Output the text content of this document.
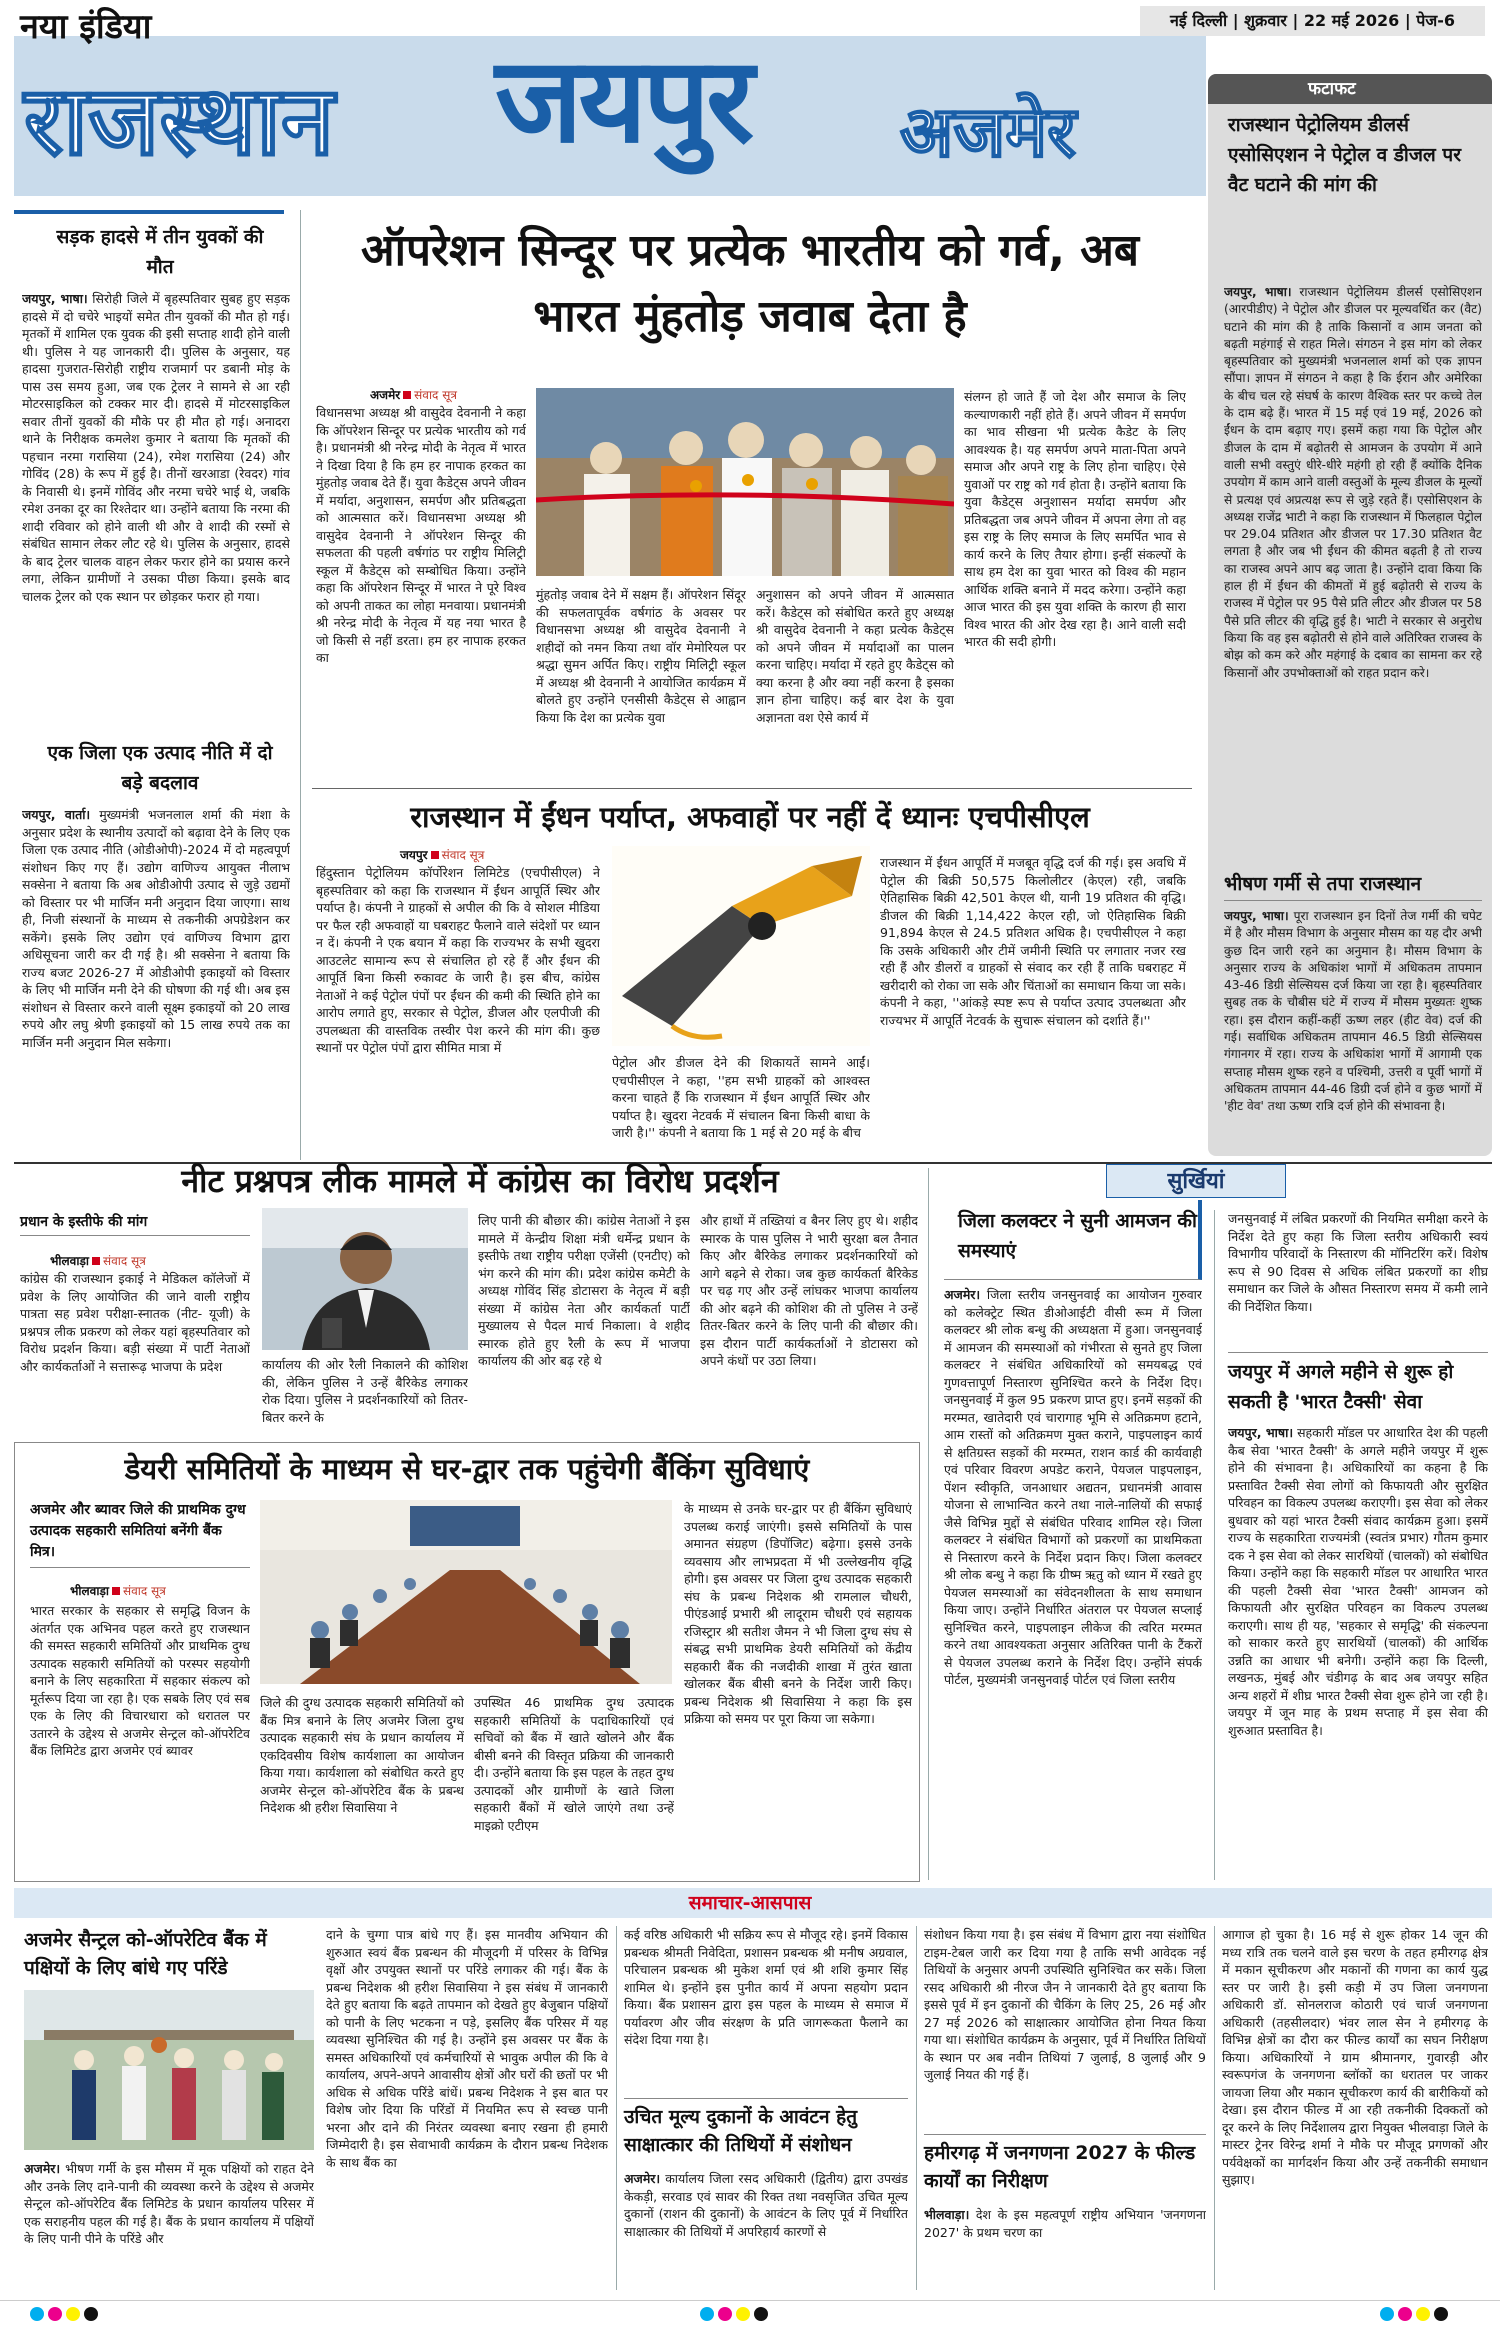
नया इंडिया	नई दिल्ली | शुक्रवार | 22 मई 2026 | पेज-6
राजस्थान जयपुर अजमेर
फटाफट
राजस्थान पेट्रोलियम डीलर्स एसोसिएशन ने पेट्रोल व डीजल पर वैट घटाने की मांग की
जयपुर, भाषा। राजस्थान पेट्रोलियम डीलर्स एसोसिएशन (आरपीडीए) ने पेट्रोल और डीजल पर मूल्यवर्धित कर (वैट) घटाने की मांग की है ताकि किसानों व आम जनता को बढ़ती महंगाई से राहत मिले। संगठन ने इस मांग को लेकर बृहस्पतिवार को मुख्यमंत्री भजनलाल शर्मा को एक ज्ञापन सौंपा। ज्ञापन में संगठन ने कहा है कि ईरान और अमेरिका के बीच चल रहे संघर्ष के कारण वैश्विक स्तर पर कच्चे तेल के दाम बढ़े हैं। भारत में 15 मई एवं 19 मई, 2026 को ईंधन के दाम बढ़ाए गए। इसमें कहा गया कि पेट्रोल और डीजल के दाम में बढ़ोतरी से आमजन के उपयोग में आने वाली सभी वस्तुएं धीरे-धीरे महंगी हो रही हैं क्योंकि दैनिक उपयोग में काम आने वाली वस्तुओं के मूल्य डीजल के मूल्यों से प्रत्यक्ष एवं अप्रत्यक्ष रूप से जुड़े रहते हैं। एसोसिएशन के अध्यक्ष राजेंद्र भाटी ने कहा कि राजस्थान में फिलहाल पेट्रोल पर 29.04 प्रतिशत और डीजल पर 17.30 प्रतिशत वैट लगता है और जब भी ईंधन की कीमत बढ़ती है तो राज्य का राजस्व अपने आप बढ़ जाता है। उन्होंने दावा किया कि हाल ही में ईंधन की कीमतों में हुई बढ़ोतरी से राज्य के राजस्व में पेट्रोल पर 95 पैसे प्रति लीटर और डीजल पर 58 पैसे प्रति लीटर की वृद्धि हुई है। भाटी ने सरकार से अनुरोध किया कि वह इस बढ़ोतरी से होने वाले अतिरिक्त राजस्व के बोझ को कम करे और महंगाई के दबाव का सामना कर रहे किसानों और उपभोक्ताओं को राहत प्रदान करे।
भीषण गर्मी से तपा राजस्थान
जयपुर, भाषा। पूरा राजस्थान इन दिनों तेज गर्मी की चपेट में है और मौसम विभाग के अनुसार मौसम का यह दौर अभी कुछ दिन जारी रहने का अनुमान है। मौसम विभाग के अनुसार राज्य के अधिकांश भागों में अधिकतम तापमान 43-46 डिग्री सेल्सियस दर्ज किया जा रहा है। बृहस्पतिवार सुबह तक के चौबीस घंटे में राज्य में मौसम मुख्यतः शुष्क रहा। इस दौरान कहीं-कहीं ऊष्ण लहर (हीट वेव) दर्ज की गई। सर्वाधिक अधिकतम तापमान 46.5 डिग्री सेल्सियस गंगानगर में रहा। राज्य के अधिकांश भागों में आगामी एक सप्ताह मौसम शुष्क रहने व पश्चिमी, उत्तरी व पूर्वी भागों में अधिकतम तापमान 44-46 डिग्री दर्ज होने व कुछ भागों में 'हीट वेव' तथा ऊष्ण रात्रि दर्ज होने की संभावना है।
सड़क हादसे में तीन युवकों की मौत
जयपुर, भाषा। सिरोही जिले में बृहस्पतिवार सुबह हुए सड़क हादसे में दो चचेरे भाइयों समेत तीन युवकों की मौत हो गई। मृतकों में शामिल एक युवक की इसी सप्ताह शादी होने वाली थी। पुलिस ने यह जानकारी दी। पुलिस के अनुसार, यह हादसा गुजरात-सिरोही राष्ट्रीय राजमार्ग पर डबानी मोड़ के पास उस समय हुआ, जब एक ट्रेलर ने सामने से आ रही मोटरसाइकिल को टक्कर मार दी। हादसे में मोटरसाइकिल सवार तीनों युवकों की मौके पर ही मौत हो गई। अनादरा थाने के निरीक्षक कमलेश कुमार ने बताया कि मृतकों की पहचान नरमा गरासिया (24), रमेश गरासिया (24) और गोविंद (28) के रूप में हुई है। तीनों खरआडा (रेवदर) गांव के निवासी थे। इनमें गोविंद और नरमा चचेरे भाई थे, जबकि रमेश उनका दूर का रिश्तेदार था। उन्होंने बताया कि नरमा की शादी रविवार को होने वाली थी और वे शादी की रस्मों से संबंधित सामान लेकर लौट रहे थे। पुलिस के अनुसार, हादसे के बाद ट्रेलर चालक वाहन लेकर फरार होने का प्रयास करने लगा, लेकिन ग्रामीणों ने उसका पीछा किया। इसके बाद चालक ट्रेलर को एक स्थान पर छोड़कर फरार हो गया।
एक जिला एक उत्पाद नीति में दो बड़े बदलाव
जयपुर, वार्ता। मुख्यमंत्री भजनलाल शर्मा की मंशा के अनुसार प्रदेश के स्थानीय उत्पादों को बढ़ावा देने के लिए एक जिला एक उत्पाद नीति (ओडीओपी)-2024 में दो महत्वपूर्ण संशोधन किए गए हैं। उद्योग वाणिज्य आयुक्त नीलाभ सक्सेना ने बताया कि अब ओडीओपी उत्पाद से जुड़े उद्यमों को विस्तार पर भी मार्जिन मनी अनुदान दिया जाएगा। साथ ही, निजी संस्थानों के माध्यम से तकनीकी अपग्रेडेशन कर सकेंगे। इसके लिए उद्योग एवं वाणिज्य विभाग द्वारा अधिसूचना जारी कर दी गई है। श्री सक्सेना ने बताया कि राज्य बजट 2026-27 में ओडीओपी इकाइयों को विस्तार के लिए भी मार्जिन मनी देने की घोषणा की गई थी। अब इस संशोधन से विस्तार करने वाली सूक्ष्म इकाइयों को 20 लाख रुपये और लघु श्रेणी इकाइयों को 15 लाख रुपये तक का मार्जिन मनी अनुदान मिल सकेगा।
ऑपरेशन सिन्दूर पर प्रत्येक भारतीय को गर्व, अब भारत मुंहतोड़ जवाब देता है
अजमेर संवाद सूत्र
विधानसभा अध्यक्ष श्री वासुदेव देवनानी ने कहा कि ऑपरेशन सिन्दूर पर प्रत्येक भारतीय को गर्व है। प्रधानमंत्री श्री नरेन्द्र मोदी के नेतृत्व में भारत ने दिखा दिया है कि हम हर नापाक हरकत का मुंहतोड़ जवाब देते हैं। युवा कैडेट्स अपने जीवन में मर्यादा, अनुशासन, समर्पण और प्रतिबद्धता को आत्मसात करें। विधानसभा अध्यक्ष श्री वासुदेव देवनानी ने ऑपरेशन सिन्दूर की सफलता की पहली वर्षगांठ पर राष्ट्रीय मिलिट्री स्कूल में कैडेट्स को सम्बोधित किया। उन्होंने कहा कि ऑपरेशन सिन्दूर में भारत ने पूरे विश्व को अपनी ताकत का लोहा मनवाया। प्रधानमंत्री श्री नरेन्द्र मोदी के नेतृत्व में यह नया भारत है जो किसी से नहीं डरता। हम हर नापाक हरकत का
मुंहतोड़ जवाब देने में सक्षम हैं। ऑपरेशन सिंदूर की सफलतापूर्वक वर्षगांठ के अवसर पर विधानसभा अध्यक्ष श्री वासुदेव देवनानी ने शहीदों को नमन किया तथा वॉर मेमोरियल पर श्रद्धा सुमन अर्पित किए। राष्ट्रीय मिलिट्री स्कूल में अध्यक्ष श्री देवनानी ने आयोजित कार्यक्रम में बोलते हुए उन्होंने एनसीसी कैडेट्स से आह्वान किया कि देश का प्रत्येक युवा
अनुशासन को अपने जीवन में आत्मसात करें। कैडेट्स को संबोधित करते हुए अध्यक्ष श्री वासुदेव देवनानी ने कहा प्रत्येक कैडेट्स को अपने जीवन में मर्यादाओं का पालन करना चाहिए। मर्यादा में रहते हुए कैडेट्स को क्या करना है और क्या नहीं करना है इसका ज्ञान होना चाहिए। कई बार देश के युवा अज्ञानता वश ऐसे कार्य में
संलग्न हो जाते हैं जो देश और समाज के लिए कल्याणकारी नहीं होते हैं। अपने जीवन में समर्पण का भाव सीखना भी प्रत्येक कैडेट के लिए आवश्यक है। यह समर्पण अपने माता-पिता अपने समाज और अपने राष्ट्र के लिए होना चाहिए। ऐसे युवाओं पर राष्ट्र को गर्व होता है। उन्होंने बताया कि युवा कैडेट्स अनुशासन मर्यादा समर्पण और प्रतिबद्धता जब अपने जीवन में अपना लेगा तो वह इस राष्ट्र के लिए समाज के लिए समर्पित भाव से कार्य करने के लिए तैयार होगा। इन्हीं संकल्पों के साथ हम देश का युवा भारत को विश्व की महान आर्थिक शक्ति बनाने में मदद करेगा। उन्होंने कहा आज भारत की इस युवा शक्ति के कारण ही सारा विश्व भारत की ओर देख रहा है। आने वाली सदी भारत की सदी होगी।
राजस्थान में ईंधन पर्याप्त, अफवाहों पर नहीं दें ध्यानः एचपीसीएल
जयपुर संवाद सूत्र
हिंदुस्तान पेट्रोलियम कॉर्पोरेशन लिमिटेड (एचपीसीएल) ने बृहस्पतिवार को कहा कि राजस्थान में ईंधन आपूर्ति स्थिर और पर्याप्त है। कंपनी ने ग्राहकों से अपील की कि वे सोशल मीडिया पर फैल रही अफवाहों या घबराहट फैलाने वाले संदेशों पर ध्यान न दें। कंपनी ने एक बयान में कहा कि राज्यभर के सभी खुदरा आउटलेट सामान्य रूप से संचालित हो रहे हैं और ईंधन की आपूर्ति बिना किसी रुकावट के जारी है। इस बीच, कांग्रेस नेताओं ने कई पेट्रोल पंपों पर ईंधन की कमी की स्थिति होने का आरोप लगाते हुए, सरकार से पेट्रोल, डीजल और एलपीजी की उपलब्धता की वास्तविक तस्वीर पेश करने की मांग की। कुछ स्थानों पर पेट्रोल पंपों द्वारा सीमित मात्रा में
पेट्रोल और डीजल देने की शिकायतें सामने आईं। एचपीसीएल ने कहा, ''हम सभी ग्राहकों को आश्वस्त करना चाहते हैं कि राजस्थान में ईंधन आपूर्ति स्थिर और पर्याप्त है। खुदरा नेटवर्क में संचालन बिना किसी बाधा के जारी है।'' कंपनी ने बताया कि 1 मई से 20 मई के बीच
राजस्थान में ईंधन आपूर्ति में मजबूत वृद्धि दर्ज की गई। इस अवधि में पेट्रोल की बिक्री 50,575 किलोलीटर (केएल) रही, जबकि ऐतिहासिक बिक्री 42,501 केएल थी, यानी 19 प्रतिशत की वृद्धि। डीजल की बिक्री 1,14,422 केएल रही, जो ऐतिहासिक बिक्री 91,894 केएल से 24.5 प्रतिशत अधिक है। एचपीसीएल ने कहा कि उसके अधिकारी और टीमें जमीनी स्थिति पर लगातार नजर रख रही हैं और डीलरों व ग्राहकों से संवाद कर रही हैं ताकि घबराहट में खरीदारी को रोका जा सके और चिंताओं का समाधान किया जा सके। कंपनी ने कहा, ''आंकड़े स्पष्ट रूप से पर्याप्त उत्पाद उपलब्धता और राज्यभर में आपूर्ति नेटवर्क के सुचारू संचालन को दर्शाते हैं।''
नीट प्रश्नपत्र लीक मामले में कांग्रेस का विरोध प्रदर्शन
प्रधान के इस्तीफे की मांग
भीलवाड़ा संवाद सूत्र
कांग्रेस की राजस्थान इकाई ने मेडिकल कॉलेजों में प्रवेश के लिए आयोजित की जाने वाली राष्ट्रीय पात्रता सह प्रवेश परीक्षा-स्नातक (नीट- यूजी) के प्रश्नपत्र लीक प्रकरण को लेकर यहां बृहस्पतिवार को विरोध प्रदर्शन किया। बड़ी संख्या में पार्टी नेताओं और कार्यकर्ताओं ने सत्तारूढ़ भाजपा के प्रदेश	कार्यालय की ओर रैली निकालने की कोशिश की, लेकिन पुलिस ने उन्हें बैरिकेड लगाकर रोक दिया। पुलिस ने प्रदर्शनकारियों को तितर-बितर करने के
लिए पानी की बौछार की। कांग्रेस नेताओं ने इस मामले में केन्द्रीय शिक्षा मंत्री धर्मेन्द्र प्रधान के इस्तीफे तथा राष्ट्रीय परीक्षा एजेंसी (एनटीए) को भंग करने की मांग की। प्रदेश कांग्रेस कमेटी के अध्यक्ष गोविंद सिंह डोटासरा के नेतृत्व में बड़ी संख्या में कांग्रेस नेता और कार्यकर्ता पार्टी मुख्यालय से पैदल मार्च निकाला। वे शहीद स्मारक होते हुए रैली के रूप में भाजपा कार्यालय की ओर बढ़ रहे थे
और हाथों में तख्तियां व बैनर लिए हुए थे। शहीद स्मारक के पास पुलिस ने भारी सुरक्षा बल तैनात किए और बैरिकेड लगाकर प्रदर्शनकारियों को आगे बढ़ने से रोका। जब कुछ कार्यकर्ता बैरिकेड पर चढ़ गए और उन्हें लांघकर भाजपा कार्यालय की ओर बढ़ने की कोशिश की तो पुलिस ने उन्हें तितर-बितर करने के लिए पानी की बौछार की। इस दौरान पार्टी कार्यकर्ताओं ने डोटासरा को अपने कंधों पर उठा लिया।
डेयरी समितियों के माध्यम से घर-द्वार तक पहुंचेगी बैंकिंग सुविधाएं
अजमेर और ब्यावर जिले की प्राथमिक दुग्ध उत्पादक सहकारी समितियां बनेंगी बैंक मित्र।
भीलवाड़ा संवाद सूत्र
भारत सरकार के सहकार से समृद्धि विजन के अंतर्गत एक अभिनव पहल करते हुए राजस्थान की समस्त सहकारी समितियों और प्राथमिक दुग्ध उत्पादक सहकारी समितियों को परस्पर सहयोगी बनाने के लिए सहकारिता में सहकार संकल्प को मूर्तरूप दिया जा रहा है। एक सबके लिए एवं सब एक के लिए की विचारधारा को धरातल पर उतारने के उद्देश्य से अजमेर सेन्ट्रल को-ऑपरेटिव बैंक लिमिटेड द्वारा अजमेर एवं ब्यावर
जिले की दुग्ध उत्पादक सहकारी समितियों को बैंक मित्र बनाने के लिए अजमेर जिला दुग्ध उत्पादक सहकारी संघ के प्रधान कार्यालय में एकदिवसीय विशेष कार्यशाला का आयोजन किया गया। कार्यशाला को संबोधित करते हुए अजमेर सेन्ट्रल को-ऑपरेटिव बैंक के प्रबन्ध निदेशक श्री हरीश सिवासिया ने
उपस्थित 46 प्राथमिक दुग्ध उत्पादक सहकारी समितियों के पदाधिकारियों एवं सचिवों को बैंक में खाते खोलने और बैंक बीसी बनने की विस्तृत प्रक्रिया की जानकारी दी। उन्होंने बताया कि इस पहल के तहत दुग्ध उत्पादकों और ग्रामीणों के खाते जिला सहकारी बैंकों में खोले जाएंगे तथा उन्हें माइक्रो एटीएम
के माध्यम से उनके घर-द्वार पर ही बैंकिंग सुविधाएं उपलब्ध कराई जाएंगी। इससे समितियों के पास अमानत संग्रहण (डिपॉजिट) बढ़ेगा। इससे उनके व्यवसाय और लाभप्रदता में भी उल्लेखनीय वृद्धि होगी। इस अवसर पर जिला दुग्ध उत्पादक सहकारी संघ के प्रबन्ध निदेशक श्री रामलाल चौधरी, पीएंडआई प्रभारी श्री लादूराम चौधरी एवं सहायक रजिस्ट्रार श्री सतीश जैमन ने भी जिला दुग्ध संघ से संबद्ध सभी प्राथमिक डेयरी समितियों को केंद्रीय सहकारी बैंक की नजदीकी शाखा में तुरंत खाता खोलकर बैंक बीसी बनने के निर्देश जारी किए। प्रबन्ध निदेशक श्री सिवासिया ने कहा कि इस प्रक्रिया को समय पर पूरा किया जा सकेगा।
सुर्खियां
जिला कलक्टर ने सुनी आमजन की समस्याएं
अजमेर। जिला स्तरीय जनसुनवाई का आयोजन गुरुवार को कलेक्ट्रेट स्थित डीओआईटी वीसी रूम में जिला कलक्टर श्री लोक बन्धु की अध्यक्षता में हुआ। जनसुनवाई में आमजन की समस्याओं को गंभीरता से सुनते हुए जिला कलक्टर ने संबंधित अधिकारियों को समयबद्ध एवं गुणवत्तापूर्ण निस्तारण सुनिश्चित करने के निर्देश दिए। जनसुनवाई में कुल 95 प्रकरण प्राप्त हुए। इनमें सड़कों की मरम्मत, खातेदारी एवं चारागाह भूमि से अतिक्रमण हटाने, आम रास्तों को अतिक्रमण मुक्त कराने, पाइपलाइन कार्य से क्षतिग्रस्त सड़कों की मरम्मत, राशन कार्ड की कार्यवाही एवं परिवार विवरण अपडेट कराने, पेयजल पाइपलाइन, पेंशन स्वीकृति, जनआधार अद्यतन, प्रधानमंत्री आवास योजना से लाभान्वित करने तथा नाले-नालियों की सफाई जैसे विभिन्न मुद्दों से संबंधित परिवाद शामिल रहे। जिला कलक्टर ने संबंधित विभागों को प्रकरणों का प्राथमिकता से निस्तारण करने के निर्देश प्रदान किए। जिला कलक्टर श्री लोक बन्धु ने कहा कि ग्रीष्म ऋतु को ध्यान में रखते हुए पेयजल समस्याओं का संवेदनशीलता के साथ समाधान किया जाए। उन्होंने निर्धारित अंतराल पर पेयजल सप्लाई सुनिश्चित करने, पाइपलाइन लीकेज की त्वरित मरम्मत करने तथा आवश्यकता अनुसार अतिरिक्त पानी के टैंकरों से पेयजल उपलब्ध कराने के निर्देश दिए। उन्होंने संपर्क पोर्टल, मुख्यमंत्री जनसुनवाई पोर्टल एवं जिला स्तरीय
जनसुनवाई में लंबित प्रकरणों की नियमित समीक्षा करने के निर्देश देते हुए कहा कि जिला स्तरीय अधिकारी स्वयं विभागीय परिवादों के निस्तारण की मॉनिटरिंग करें। विशेष रूप से 90 दिवस से अधिक लंबित प्रकरणों का शीघ्र समाधान कर जिले के औसत निस्तारण समय में कमी लाने की निर्देशित किया।
जयपुर में अगले महीने से शुरू हो सकती है 'भारत टैक्सी' सेवा
जयपुर, भाषा। सहकारी मॉडल पर आधारित देश की पहली कैब सेवा 'भारत टैक्सी' के अगले महीने जयपुर में शुरू होने की संभावना है। अधिकारियों का कहना है कि प्रस्तावित टैक्सी सेवा लोगों को किफायती और सुरक्षित परिवहन का विकल्प उपलब्ध कराएगी। इस सेवा को लेकर बुधवार को यहां भारत टैक्सी संवाद कार्यक्रम हुआ। इसमें राज्य के सहकारिता राज्यमंत्री (स्वतंत्र प्रभार) गौतम कुमार दक ने इस सेवा को लेकर सारथियों (चालकों) को संबोधित किया। उन्होंने कहा कि सहकारी मॉडल पर आधारित भारत की पहली टैक्सी सेवा 'भारत टैक्सी' आमजन को किफायती और सुरक्षित परिवहन का विकल्प उपलब्ध कराएगी। साथ ही यह, 'सहकार से समृद्धि' की संकल्पना को साकार करते हुए सारथियों (चालकों) की आर्थिक उन्नति का आधार भी बनेगी। उन्होंने कहा कि दिल्ली, लखनऊ, मुंबई और चंडीगढ़ के बाद अब जयपुर सहित अन्य शहरों में शीघ्र भारत टैक्सी सेवा शुरू होने जा रही है। जयपुर में जून माह के प्रथम सप्ताह में इस सेवा की शुरुआत प्रस्तावित है।
समाचार-आसपास
अजमेर सैन्ट्रल को-ऑपरेटिव बैंक में पक्षियों के लिए बांधे गए परिंडे
अजमेर। भीषण गर्मी के इस मौसम में मूक पक्षियों को राहत देने और उनके लिए दाने-पानी की व्यवस्था करने के उद्देश्य से अजमेर सेन्ट्रल को-ऑपरेटिव बैंक लिमिटेड के प्रधान कार्यालय परिसर में एक सराहनीय पहल की गई है। बैंक के प्रधान कार्यालय में पक्षियों के लिए पानी पीने के परिंडे और
दाने के चुग्गा पात्र बांधे गए हैं। इस मानवीय अभियान की शुरुआत स्वयं बैंक प्रबन्धन की मौजूदगी में परिसर के विभिन्न वृक्षों और उपयुक्त स्थानों पर परिंडे लगाकर की गई। बैंक के प्रबन्ध निदेशक श्री हरीश सिवासिया ने इस संबंध में जानकारी देते हुए बताया कि बढ़ते तापमान को देखते हुए बेजुबान पक्षियों को पानी के लिए भटकना न पड़े, इसलिए बैंक परिसर में यह व्यवस्था सुनिश्चित की गई है। उन्होंने इस अवसर पर बैंक के समस्त अधिकारियों एवं कर्मचारियों से भावुक अपील की कि वे कार्यालय, अपने-अपने आवासीय क्षेत्रों और घरों की छतों पर भी अधिक से अधिक परिंडे बांधें। प्रबन्ध निदेशक ने इस बात पर विशेष जोर दिया कि परिंडों में नियमित रूप से स्वच्छ पानी भरना और दाने की निरंतर व्यवस्था बनाए रखना ही हमारी जिम्मेदारी है। इस सेवाभावी कार्यक्रम के दौरान प्रबन्ध निदेशक के साथ बैंक का
कई वरिष्ठ अधिकारी भी सक्रिय रूप से मौजूद रहे। इनमें विकास प्रबन्धक श्रीमती निवेदिता, प्रशासन प्रबन्धक श्री मनीष अग्रवाल, परिचालन प्रबन्धक श्री मुकेश शर्मा एवं श्री शशि कुमार सिंह शामिल थे। इन्होंने इस पुनीत कार्य में अपना सहयोग प्रदान किया। बैंक प्रशासन द्वारा इस पहल के माध्यम से समाज में पर्यावरण और जीव संरक्षण के प्रति जागरूकता फैलाने का संदेश दिया गया है।
उचित मूल्य दुकानों के आवंटन हेतु साक्षात्कार की तिथियों में संशोधन
अजमेर। कार्यालय जिला रसद अधिकारी (द्वितीय) द्वारा उपखंड केकड़ी, सरवाड एवं सावर की रिक्त तथा नवसृजित उचित मूल्य दुकानों (राशन की दुकानों) के आवंटन के लिए पूर्व में निर्धारित साक्षात्कार की तिथियों में अपरिहार्य कारणों से
संशोधन किया गया है। इस संबंध में विभाग द्वारा नया संशोधित टाइम-टेबल जारी कर दिया गया है ताकि सभी आवेदक नई तिथियों के अनुसार अपनी उपस्थिति सुनिश्चित कर सकें। जिला रसद अधिकारी श्री नीरज जैन ने जानकारी देते हुए बताया कि इससे पूर्व में इन दुकानों की चैकिंग के लिए 25, 26 मई और 27 मई 2026 को साक्षात्कार आयोजित होना नियत किया गया था। संशोधित कार्यक्रम के अनुसार, पूर्व में निर्धारित तिथियों के स्थान पर अब नवीन तिथियां 7 जुलाई, 8 जुलाई और 9 जुलाई नियत की गई हैं।
हमीरगढ़ में जनगणना 2027 के फील्ड कार्यों का निरीक्षण
भीलवाड़ा। देश के इस महत्वपूर्ण राष्ट्रीय अभियान 'जनगणना 2027' के प्रथम चरण का
आगाज हो चुका है। 16 मई से शुरू होकर 14 जून की मध्य रात्रि तक चलने वाले इस चरण के तहत हमीरगढ़ क्षेत्र में मकान सूचीकरण और मकानों की गणना का कार्य युद्ध स्तर पर जारी है। इसी कड़ी में उप जिला जनगणना अधिकारी डॉ. सोनलराज कोठारी एवं चार्ज जनगणना अधिकारी (तहसीलदार) भंवर लाल सेन ने हमीरगढ़ के विभिन्न क्षेत्रों का दौरा कर फील्ड कार्यों का सघन निरीक्षण किया। अधिकारियों ने ग्राम श्रीमानगर, गुवारड़ी और स्वरूपगंज के जनगणना ब्लॉकों का धरातल पर जाकर जायजा लिया और मकान सूचीकरण कार्य की बारीकियों को देखा। इस दौरान फील्ड में आ रही तकनीकी दिक्कतों को दूर करने के लिए निर्देशालय द्वारा नियुक्त भीलवाड़ा जिले के मास्टर ट्रेनर विरेन्द्र शर्मा ने मौके पर मौजूद प्रगणकों और पर्यवेक्षकों का मार्गदर्शन किया और उन्हें तकनीकी समाधान सुझाए।
